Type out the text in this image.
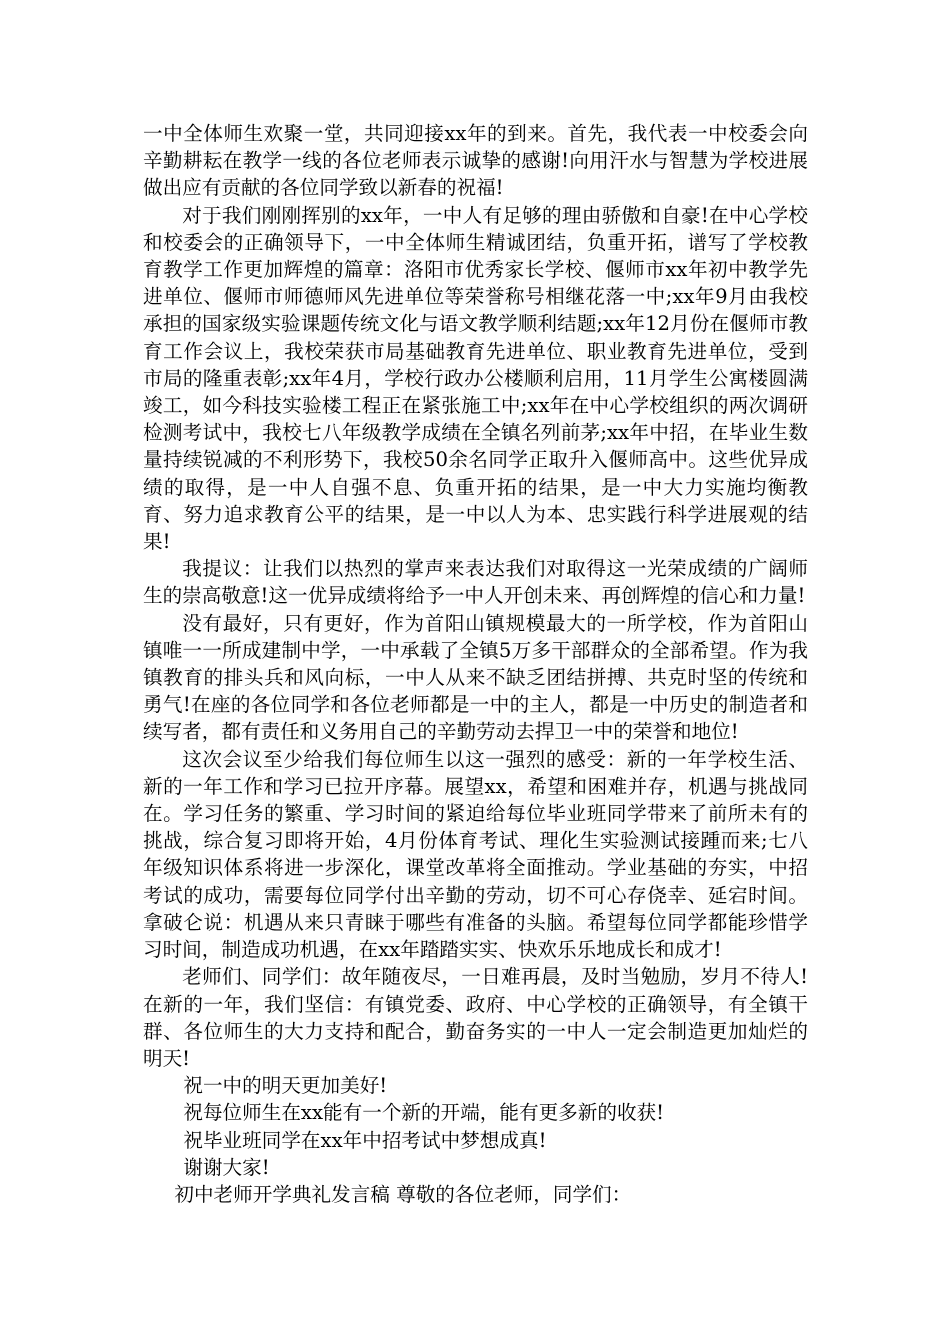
一中全体师生欢聚一堂，共同迎接xx年的到来。首先，我代表一中校委会向辛勤耕耘在教学一线的各位老师表示诚挚的感谢!向用汗水与智慧为学校进展做出应有贡献的各位同学致以新春的祝福!

对于我们刚刚挥别的xx年，一中人有足够的理由骄傲和自豪!在中心学校和校委会的正确领导下，一中全体师生精诚团结，负重开拓，谱写了学校教育教学工作更加辉煌的篇章：洛阳市优秀家长学校、偃师市xx年初中教学先进单位、偃师市师德师风先进单位等荣誉称号相继花落一中;xx年9月由我校承担的国家级实验课题传统文化与语文教学顺利结题;xx年12月份在偃师市教育工作会议上，我校荣获市局基础教育先进单位、职业教育先进单位，受到市局的隆重表彰;xx年4月，学校行政办公楼顺利启用，11月学生公寓楼圆满竣工，如今科技实验楼工程正在紧张施工中;xx年在中心学校组织的两次调研检测考试中，我校七八年级教学成绩在全镇名列前茅;xx年中招，在毕业生数量持续锐减的不利形势下，我校50余名同学正取升入偃师高中。这些优异成绩的取得，是一中人自强不息、负重开拓的结果，是一中大力实施均衡教育、努力追求教育公平的结果，是一中以人为本、忠实践行科学进展观的结果!

我提议：让我们以热烈的掌声来表达我们对取得这一光荣成绩的广阔师生的崇高敬意!这一优异成绩将给予一中人开创未来、再创辉煌的信心和力量!

没有最好，只有更好，作为首阳山镇规模最大的一所学校，作为首阳山镇唯一一所成建制中学，一中承载了全镇5万多干部群众的全部希望。作为我镇教育的排头兵和风向标，一中人从来不缺乏团结拼搏、共克时坚的传统和勇气!在座的各位同学和各位老师都是一中的主人，都是一中历史的制造者和续写者，都有责任和义务用自己的辛勤劳动去捍卫一中的荣誉和地位!

这次会议至少给我们每位师生以这一强烈的感受：新的一年学校生活、新的一年工作和学习已拉开序幕。展望xx，希望和困难并存，机遇与挑战同在。学习任务的繁重、学习时间的紧迫给每位毕业班同学带来了前所未有的挑战，综合复习即将开始，4月份体育考试、理化生实验测试接踵而来;七八年级知识体系将进一步深化，课堂改革将全面推动。学业基础的夯实，中招考试的成功，需要每位同学付出辛勤的劳动，切不可心存侥幸、延宕时间。拿破仑说：机遇从来只青睐于哪些有准备的头脑。希望每位同学都能珍惜学习时间，制造成功机遇，在xx年踏踏实实、快欢乐乐地成长和成才!

老师们、同学们：故年随夜尽，一日难再晨，及时当勉励，岁月不待人!在新的一年，我们坚信：有镇党委、政府、中心学校的正确领导，有全镇干群、各位师生的大力支持和配合，勤奋务实的一中人一定会制造更加灿烂的明天!

祝一中的明天更加美好!

祝每位师生在xx能有一个新的开端，能有更多新的收获!

祝毕业班同学在xx年中招考试中梦想成真!

谢谢大家!

初中老师开学典礼发言稿 尊敬的各位老师，同学们：
